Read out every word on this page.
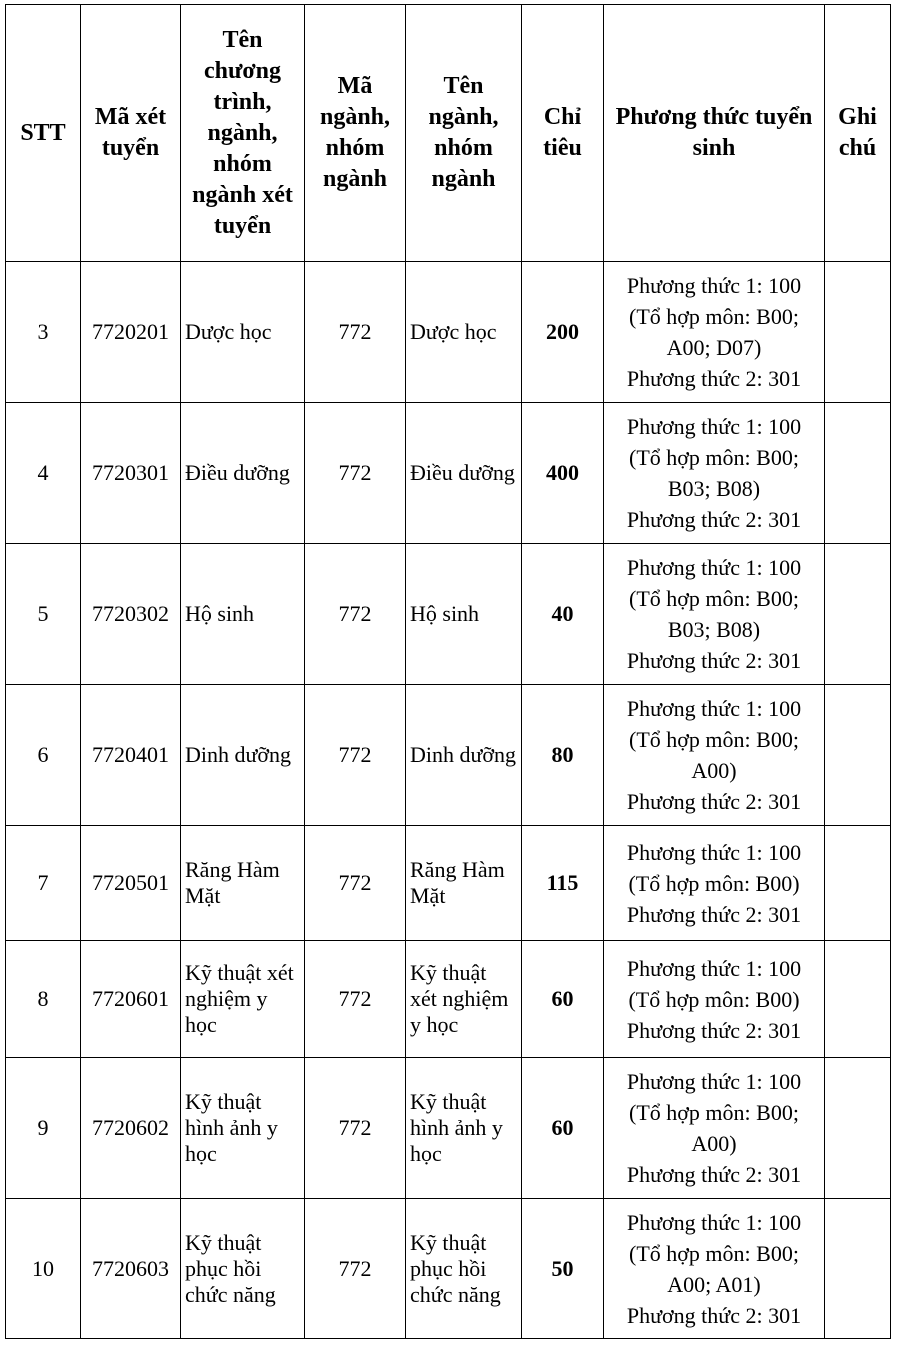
STT	Mã xét tuyển	Tên chương trình, ngành, nhóm ngành xét tuyển	Mã ngành, nhóm ngành	Tên ngành, nhóm ngành	Chỉ tiêu	Phương thức tuyển sinh	Ghi chú
3	7720201	Dược học	772	Dược học	200	Phương thức 1: 100
(Tổ hợp môn: B00; A00; D07)
Phương thức 2: 301	

4	7720301	Điều dưỡng	772	Điều dưỡng	400	Phương thức 1: 100
(Tổ hợp môn: B00; B03; B08)
Phương thức 2: 301	

5	7720302	Hộ sinh	772	Hộ sinh	40	Phương thức 1: 100
(Tổ hợp môn: B00; B03; B08)
Phương thức 2: 301	

6	7720401	Dinh dưỡng	772	Dinh dưỡng	80	Phương thức 1: 100
(Tổ hợp môn: B00; A00)
Phương thức 2: 301	

7	7720501	Răng Hàm Mặt	772	Răng Hàm Mặt	115	Phương thức 1: 100
(Tổ hợp môn: B00)
Phương thức 2: 301	

8	7720601	Kỹ thuật xét nghiệm y học	772	Kỹ thuật xét nghiệm y học	60	Phương thức 1: 100
(Tổ hợp môn: B00)
Phương thức 2: 301	

9	7720602	Kỹ thuật hình ảnh y học	772	Kỹ thuật hình ảnh y học	60	Phương thức 1: 100
(Tổ hợp môn: B00; A00)
Phương thức 2: 301	

10	7720603	Kỹ thuật phục hồi chức năng	772	Kỹ thuật phục hồi chức năng	50	Phương thức 1: 100
(Tổ hợp môn: B00; A00; A01)
Phương thức 2: 301	
